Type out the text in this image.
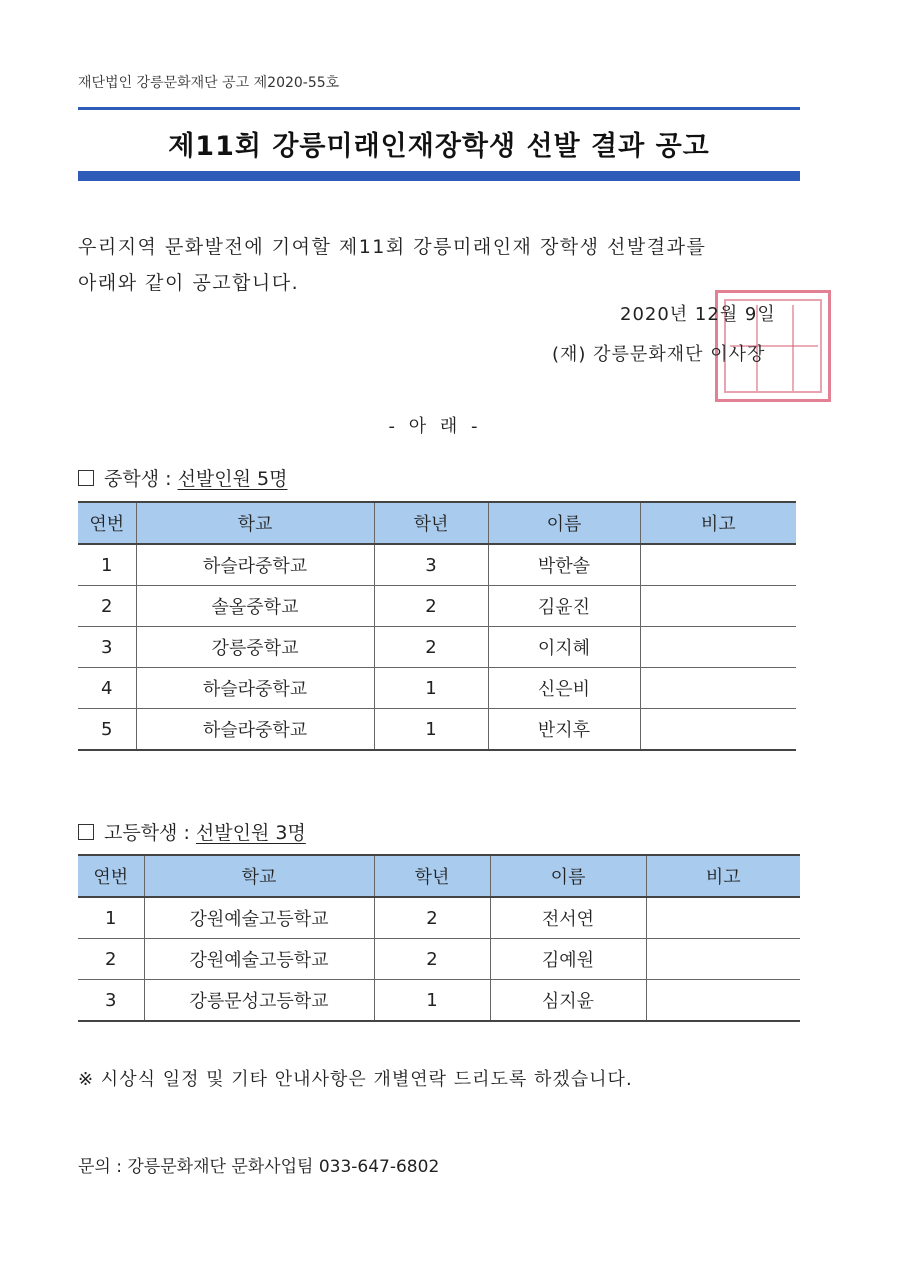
재단법인 강릉문화재단 공고 제2020-55호
제11회 강릉미래인재장학생 선발 결과 공고
우리지역 문화발전에 기여할 제11회 강릉미래인재 장학생 선발결과를
아래와 같이 공고합니다.
2020년 12월 9일
(재) 강릉문화재단 이사장
- 아 래 -
중학생 : 선발인원 5명
연번	학교	학년	이름	비고
1	하슬라중학교	3	박한솔	
2	솔올중학교	2	김윤진	
3	강릉중학교	2	이지혜	
4	하슬라중학교	1	신은비	
5	하슬라중학교	1	반지후	
고등학생 : 선발인원 3명
연번	학교	학년	이름	비고
1	강원예술고등학교	2	전서연	
2	강원예술고등학교	2	김예원	
3	강릉문성고등학교	1	심지윤	
※ 시상식 일정 및 기타 안내사항은 개별연락 드리도록 하겠습니다.
문의 : 강릉문화재단 문화사업팀 033-647-6802
